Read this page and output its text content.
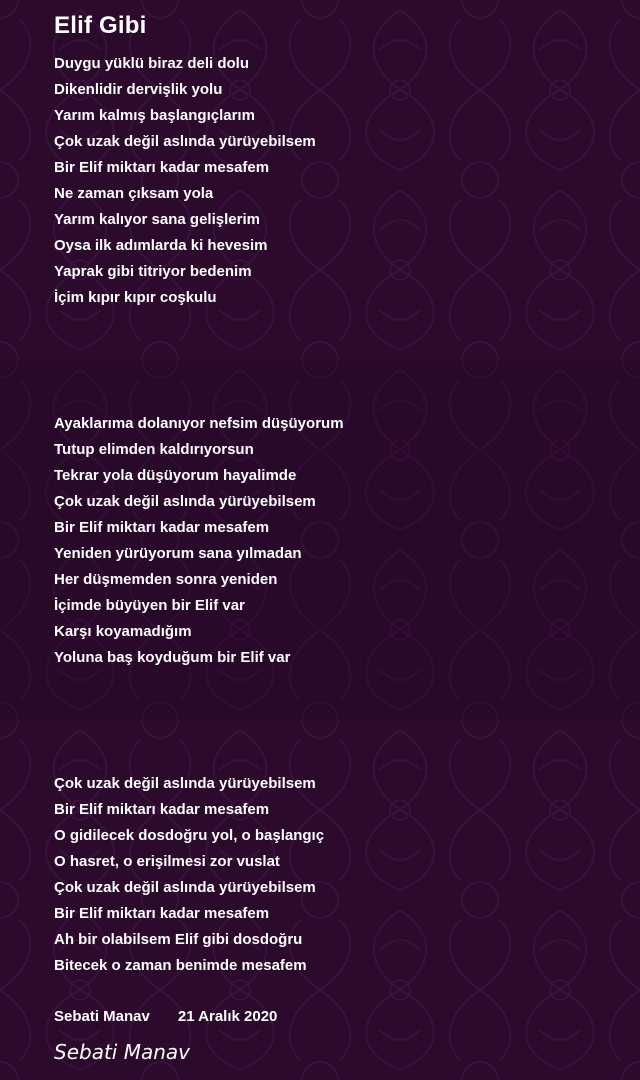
Elif Gibi
Duygu yüklü biraz deli dolu
Dikenlidir dervişlik yolu
Yarım kalmış başlangıçlarım
Çok uzak değil aslında yürüyebilsem
Bir Elif miktarı kadar mesafem
Ne zaman çıksam yola
Yarım kalıyor sana gelişlerim
Oysa ilk adımlarda ki hevesim
Yaprak gibi titriyor bedenim
İçim kıpır kıpır coşkulu
Ayaklarıma dolanıyor nefsim düşüyorum
Tutup elimden kaldırıyorsun
Tekrar yola düşüyorum hayalimde
Çok uzak değil aslında yürüyebilsem
Bir Elif miktarı kadar mesafem
Yeniden yürüyorum sana yılmadan
Her düşmemden sonra yeniden
İçimde büyüyen bir Elif var
Karşı koyamadığım
Yoluna baş koyduğum bir Elif var
Çok uzak değil aslında yürüyebilsem
Bir Elif miktarı kadar mesafem
O gidilecek dosdoğru yol, o başlangıç
O hasret, o erişilmesi zor vuslat
Çok uzak değil aslında yürüyebilsem
Bir Elif miktarı kadar mesafem
Ah bir olabilsem Elif gibi dosdoğru
Bitecek o zaman benimde mesafem
Sebati Manav 21 Aralık 2020
Sebati Manav
